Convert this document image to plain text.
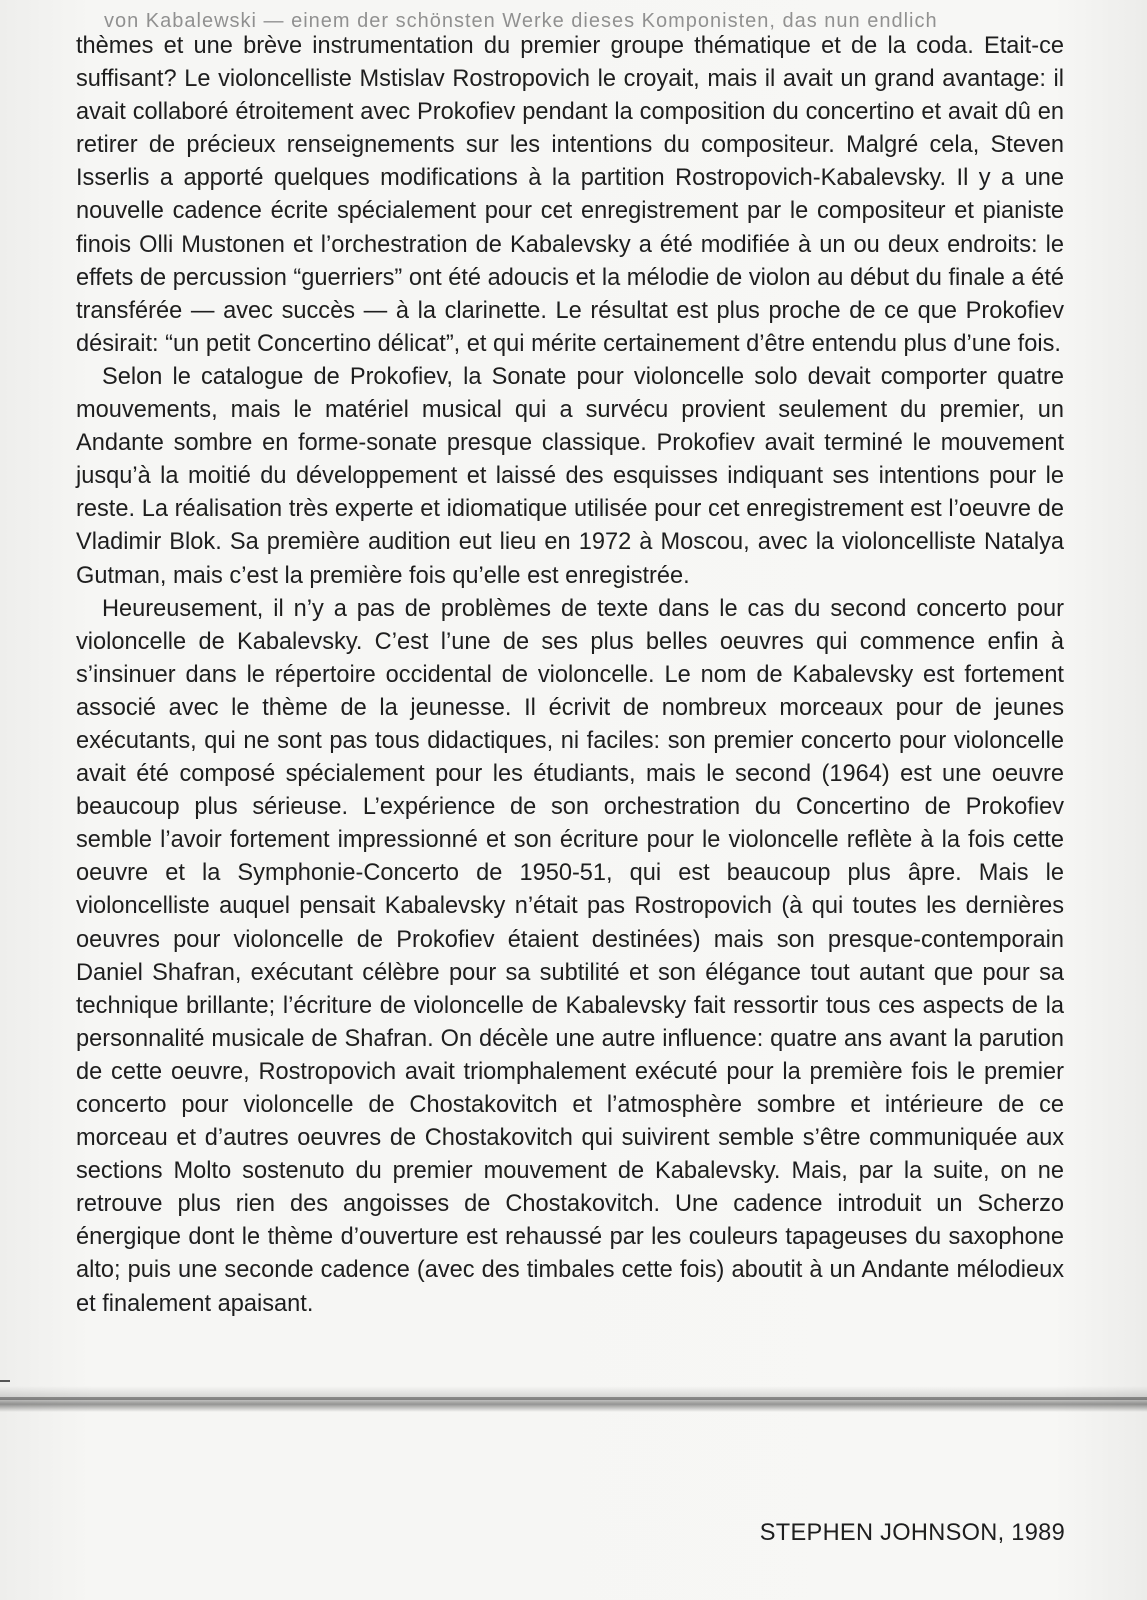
von Kabalewski — einem der schönsten Werke dieses Komponisten, das nun endlich

thèmes et une brève instrumentation du premier groupe thématique et de la coda. Etait-ce suffisant? Le violoncelliste Mstislav Rostropovich le croyait, mais il avait un grand avantage: il avait collaboré étroitement avec Prokofiev pendant la composition du concertino et avait dû en retirer de précieux renseignements sur les intentions du compositeur. Malgré cela, Steven Isserlis a apporté quelques modifications à la partition Rostropovich-Kabalevsky. Il y a une nouvelle cadence écrite spécialement pour cet enregistrement par le compositeur et pianiste finois Olli Mustonen et l’orchestration de Kabalevsky a été modifiée à un ou deux endroits: le effets de percussion “guerriers” ont été adoucis et la mélodie de violon au début du finale a été transférée — avec succès — à la clarinette. Le résultat est plus proche de ce que Prokofiev désirait: “un petit Concertino délicat”, et qui mérite certainement d’être entendu plus d’une fois.

Selon le catalogue de Prokofiev, la Sonate pour violoncelle solo devait comporter quatre mouvements, mais le matériel musical qui a survécu provient seulement du premier, un Andante sombre en forme-sonate presque classique. Prokofiev avait terminé le mouvement jusqu’à la moitié du développement et laissé des esquisses indiquant ses intentions pour le reste. La réalisation très experte et idiomatique utilisée pour cet enregistrement est l’oeuvre de Vladimir Blok. Sa première audition eut lieu en 1972 à Moscou, avec la violoncelliste Natalya Gutman, mais c’est la première fois qu’elle est enregistrée.

Heureusement, il n’y a pas de problèmes de texte dans le cas du second concerto pour violoncelle de Kabalevsky. C’est l’une de ses plus belles oeuvres qui commence enfin à s’insinuer dans le répertoire occidental de violoncelle. Le nom de Kabalevsky est fortement associé avec le thème de la jeunesse. Il écrivit de nombreux morceaux pour de jeunes exécutants, qui ne sont pas tous didactiques, ni faciles: son premier concerto pour violoncelle avait été composé spécialement pour les étudiants, mais le second (1964) est une oeuvre beaucoup plus sérieuse. L’expérience de son orchestration du Concertino de Prokofiev semble l’avoir fortement impressionné et son écriture pour le violoncelle reflète à la fois cette oeuvre et la Symphonie-Concerto de 1950-51, qui est beaucoup plus âpre. Mais le violoncelliste auquel pensait Kabalevsky n’était pas Rostropovich (à qui toutes les dernières oeuvres pour violoncelle de Prokofiev étaient destinées) mais son presque-contemporain Daniel Shafran, exécutant célèbre pour sa subtilité et son élégance tout autant que pour sa technique brillante; l’écriture de violoncelle de Kabalevsky fait ressortir tous ces aspects de la personnalité musicale de Shafran. On décèle une autre influence: quatre ans avant la parution de cette oeuvre, Rostropovich avait triomphalement exécuté pour la première fois le premier concerto pour violoncelle de Chostakovitch et l’atmosphère sombre et intérieure de ce morceau et d’autres oeuvres de Chostakovitch qui suivirent semble s’être communiquée aux sections Molto sostenuto du premier mouvement de Kabalevsky. Mais, par la suite, on ne retrouve plus rien des angoisses de Chostakovitch. Une cadence introduit un Scherzo énergique dont le thème d’ouverture est rehaussé par les couleurs tapageuses du saxophone alto; puis une seconde cadence (avec des timbales cette fois) aboutit à un Andante mélodieux et finalement apaisant.

STEPHEN JOHNSON, 1989
